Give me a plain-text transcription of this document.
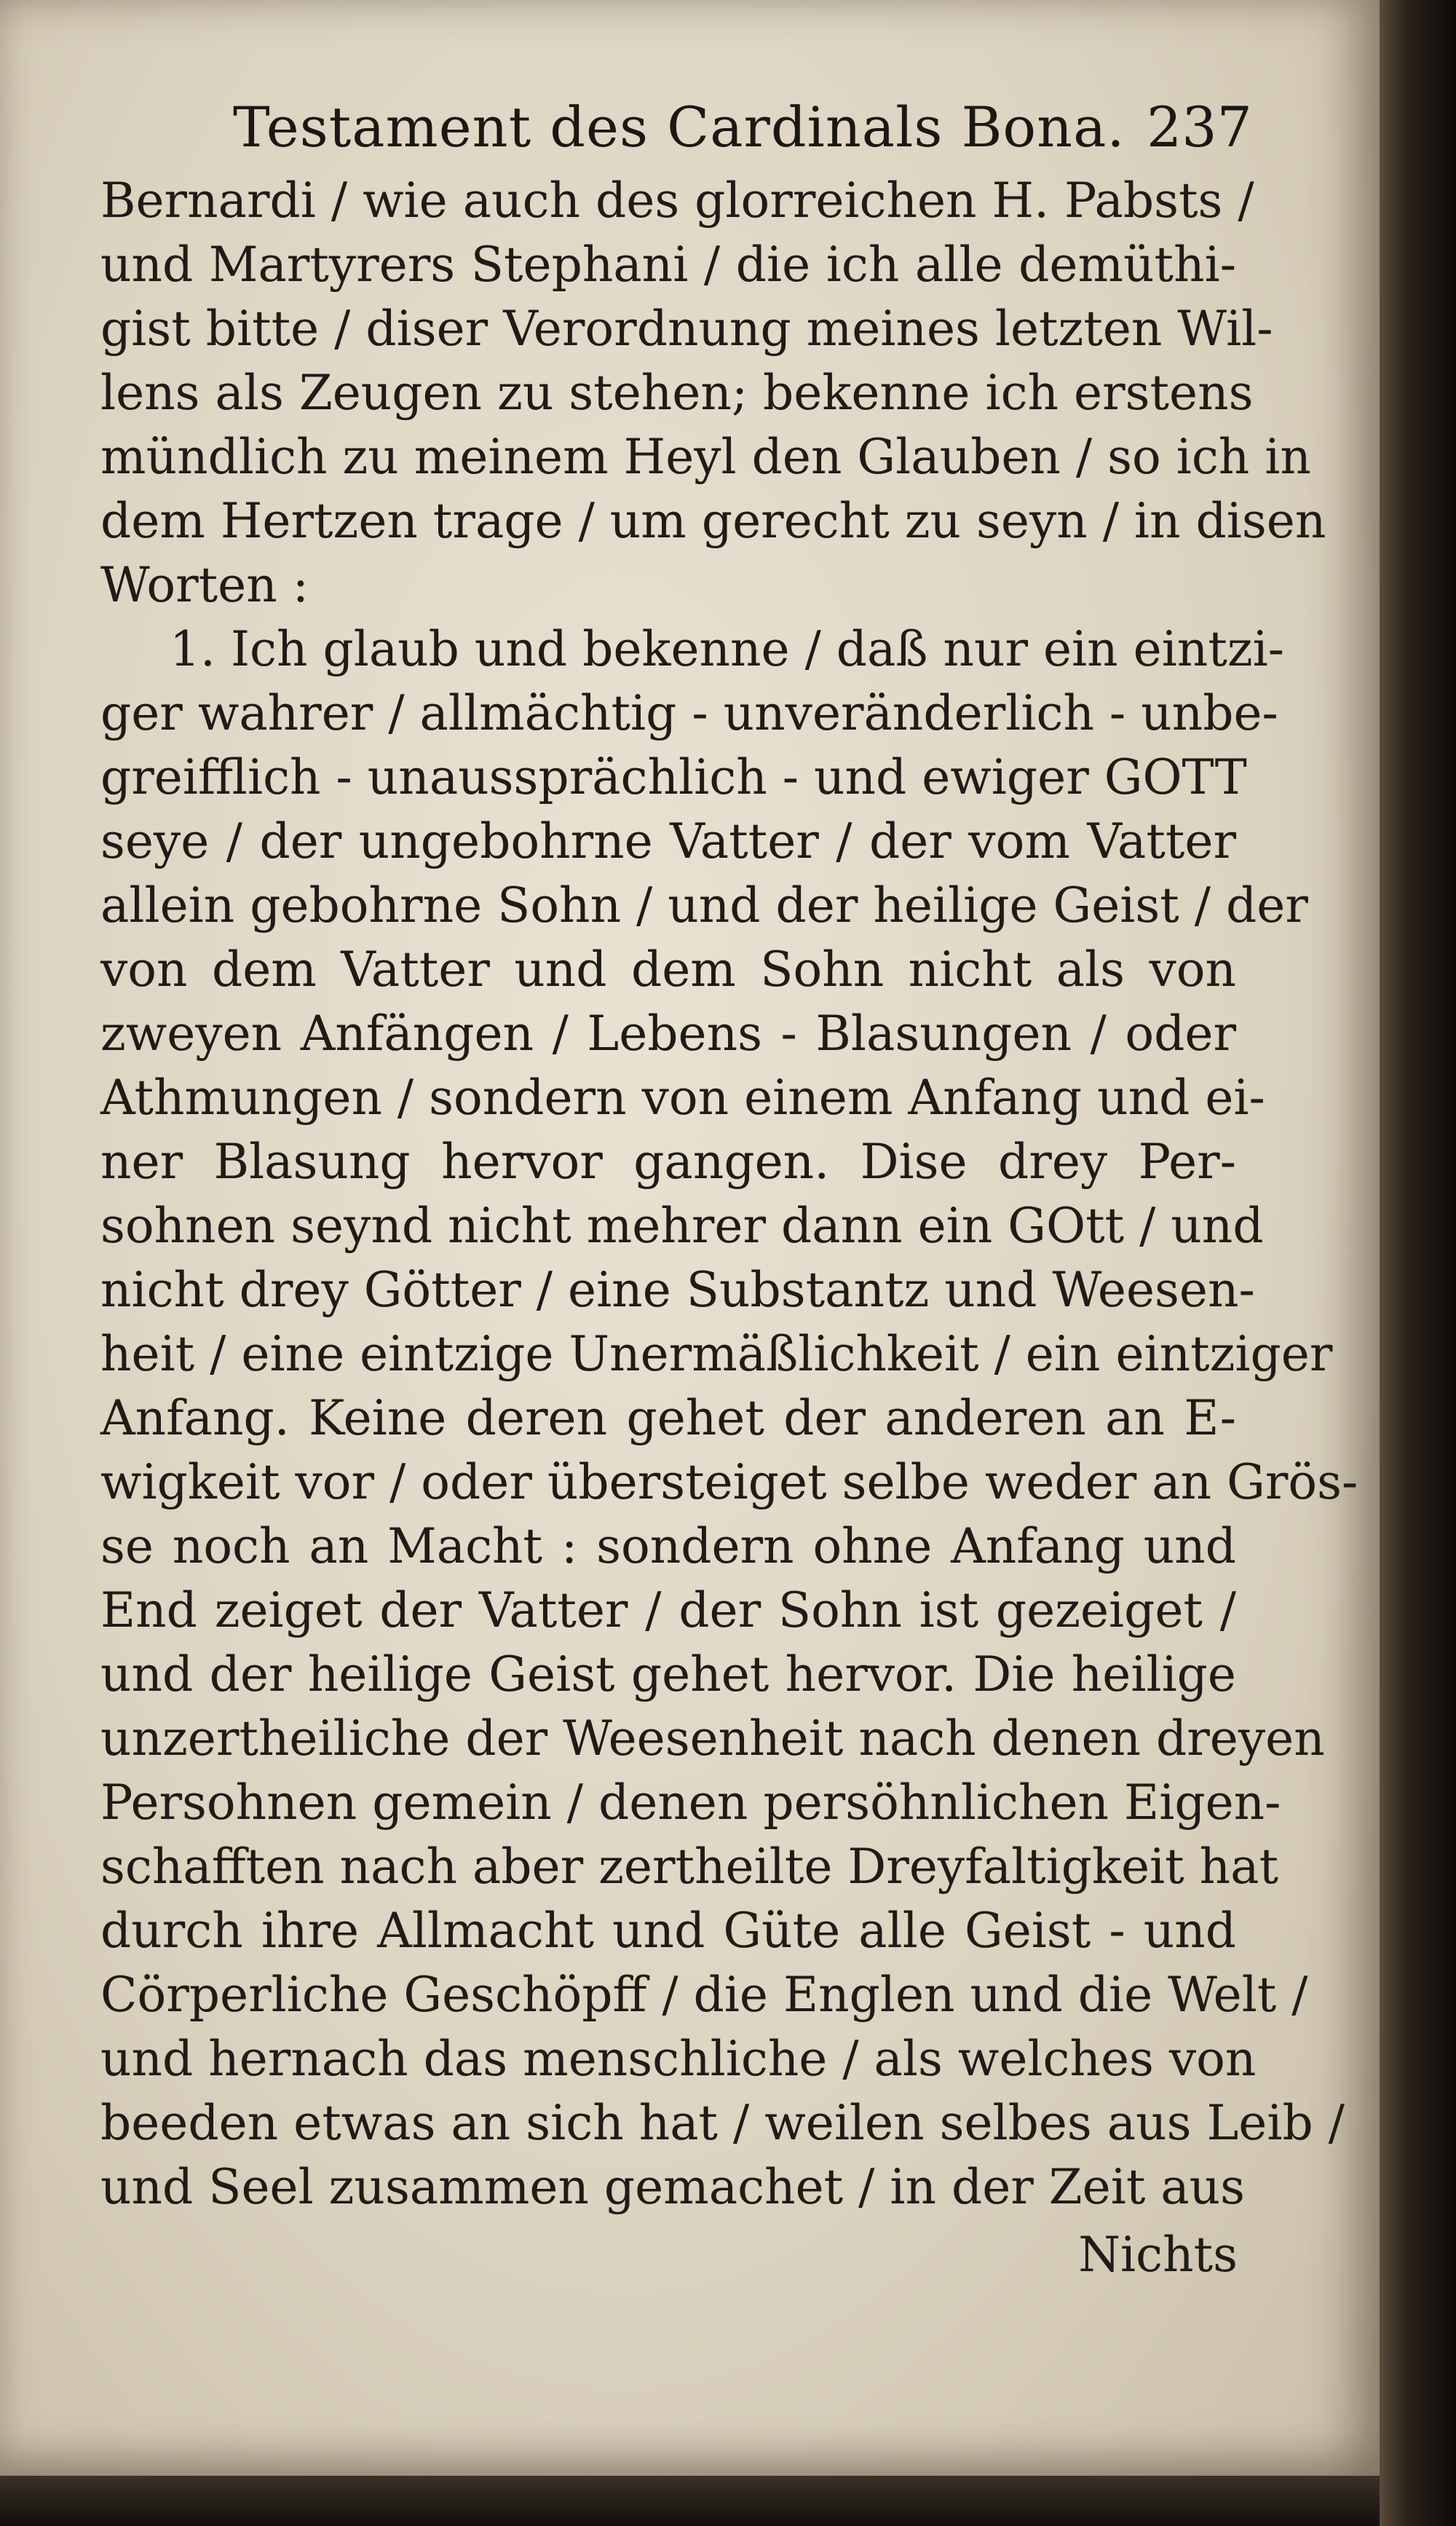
Testament des Cardinals Bona. 237
Bernardi / wie auch des glorreichen H. Pabsts /
und Martyrers Stephani / die ich alle demüthi-
gist bitte / diser Verordnung meines letzten Wil-
lens als Zeugen zu stehen; bekenne ich erstens
mündlich zu meinem Heyl den Glauben / so ich in
dem Hertzen trage / um gerecht zu seyn / in disen
Worten :
1. Ich glaub und bekenne / daß nur ein eintzi-
ger wahrer / allmächtig - unveränderlich - unbe-
greifflich - unaussprächlich - und ewiger GOTT
seye / der ungebohrne Vatter / der vom Vatter
allein gebohrne Sohn / und der heilige Geist / der
von dem Vatter und dem Sohn nicht als von
zweyen Anfängen / Lebens - Blasungen / oder
Athmungen / sondern von einem Anfang und ei-
ner Blasung hervor gangen. Dise drey Per-
sohnen seynd nicht mehrer dann ein GOtt / und
nicht drey Götter / eine Substantz und Weesen-
heit / eine eintzige Unermäßlichkeit / ein eintziger
Anfang. Keine deren gehet der anderen an E-
wigkeit vor / oder übersteiget selbe weder an Grös-
se noch an Macht : sondern ohne Anfang und
End zeiget der Vatter / der Sohn ist gezeiget /
und der heilige Geist gehet hervor. Die heilige
unzertheiliche der Weesenheit nach denen dreyen
Persohnen gemein / denen persöhnlichen Eigen-
schafften nach aber zertheilte Dreyfaltigkeit hat
durch ihre Allmacht und Güte alle Geist - und
Cörperliche Geschöpff / die Englen und die Welt /
und hernach das menschliche / als welches von
beeden etwas an sich hat / weilen selbes aus Leib /
und Seel zusammen gemachet / in der Zeit aus
Nichts
